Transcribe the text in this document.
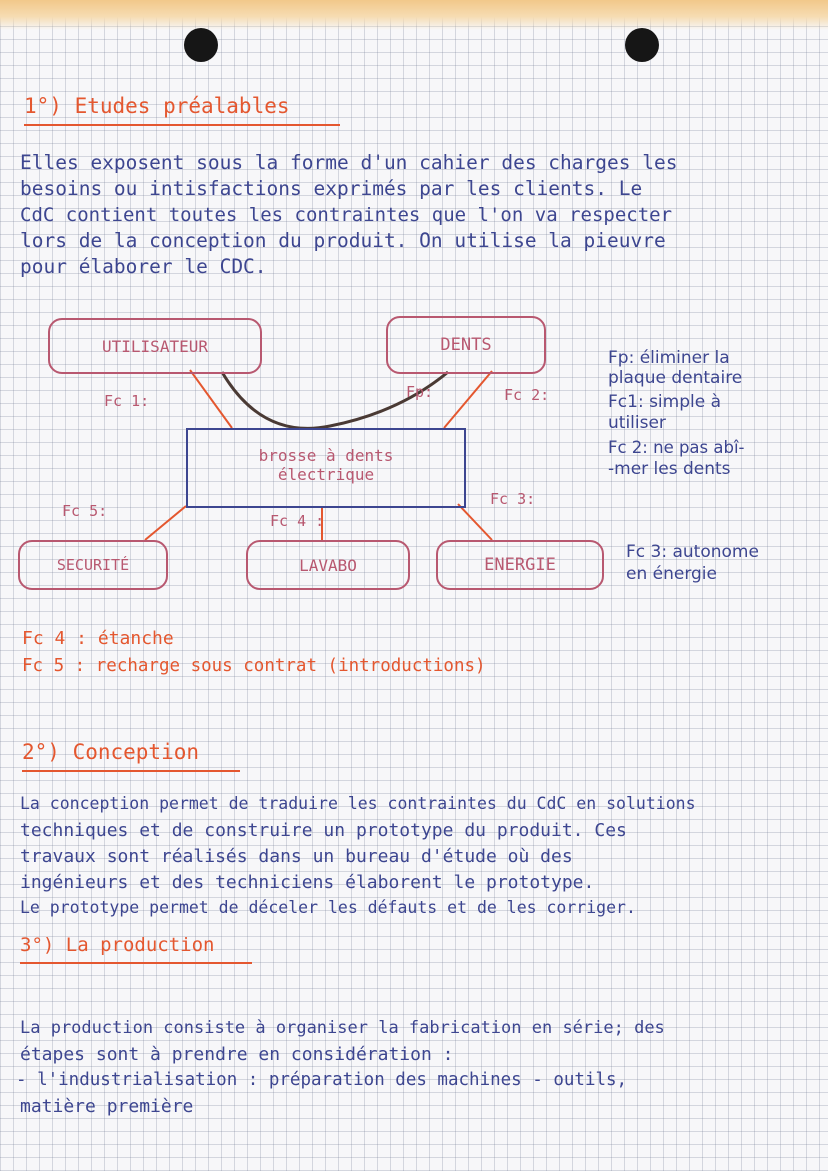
1°) Etudes préalables
Elles exposent sous la forme d'un cahier des charges les
besoins ou intisfactions exprimés par les clients. Le
CdC contient toutes les contraintes que l'on va respecter
lors de la conception du produit. On utilise la pieuvre
pour élaborer le CDC.
UTILISATEUR	DENTS
brosse à dents
électrique
SECURITÉ	LAVABO	ENERGIE
Fc 1:	Fp:	Fc 2:
Fc 3:
Fc 4 :
Fc 5:
Fp: éliminer la
plaque dentaire
Fc1: simple à
utiliser
Fc 2: ne pas abî-
-mer les dents
Fc 3: autonome
en énergie
Fc 4 : étanche
Fc 5 : recharge sous contrat (introductions)
2°) Conception
La conception permet de traduire les contraintes du CdC en solutions
techniques et de construire un prototype du produit. Ces
travaux sont réalisés dans un bureau d'étude où des
ingénieurs et des techniciens élaborent le prototype.
Le prototype permet de déceler les défauts et de les corriger.
3°) La production
La production consiste à organiser la fabrication en série; des
étapes sont à prendre en considération :
- l'industrialisation : préparation des machines - outils,
matière première
